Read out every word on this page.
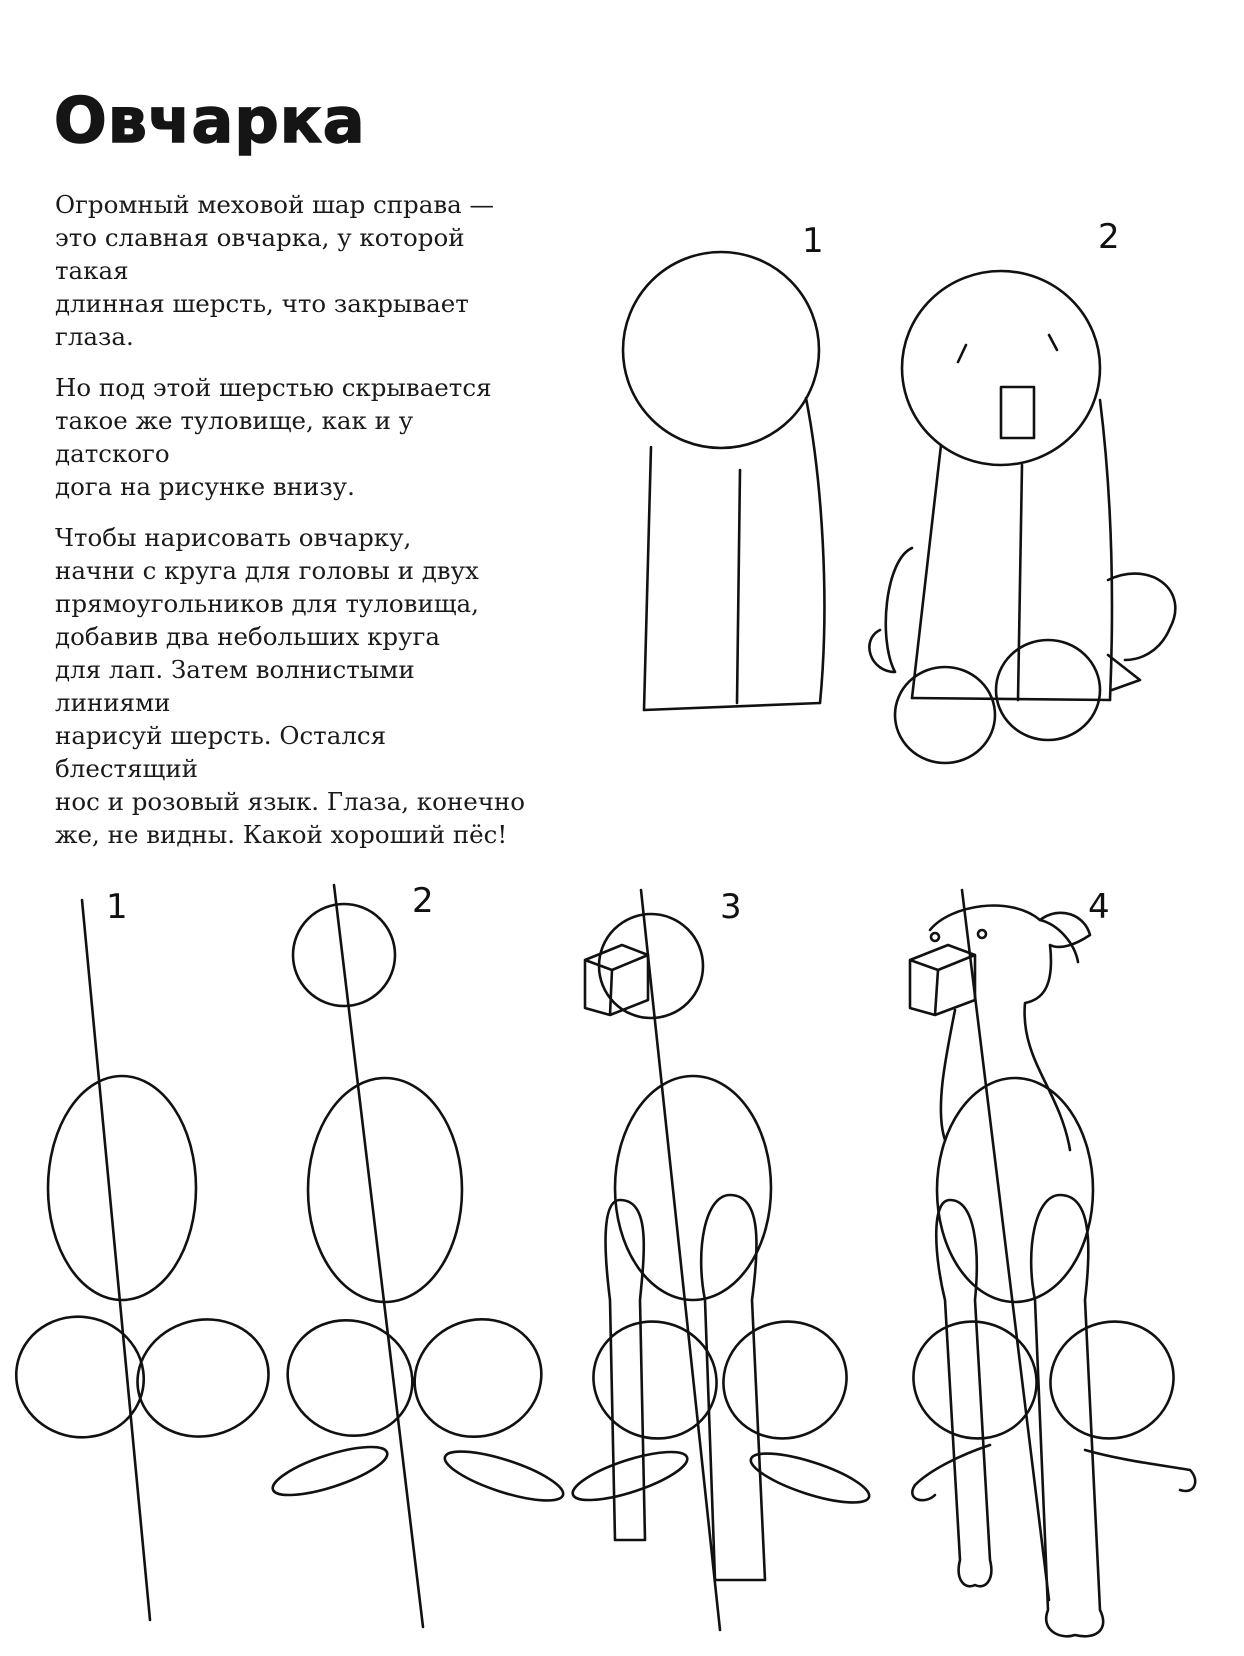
Овчарка

Огромный меховой шар справа —
это славная овчарка, у которой такая
длинная шерсть, что закрывает
глаза.

Но под этой шерстью скрывается
такое же туловище, как и у датского
дога на рисунке внизу.

Чтобы нарисовать овчарку,
начни с круга для головы и двух
прямоугольников для туловища,
добавив два небольших круга
для лап. Затем волнистыми линиями
нарисуй шерсть. Остался блестящий
нос и розовый язык. Глаза, конечно
же, не видны. Какой хороший пёс!

1	2
1	2	3	4
